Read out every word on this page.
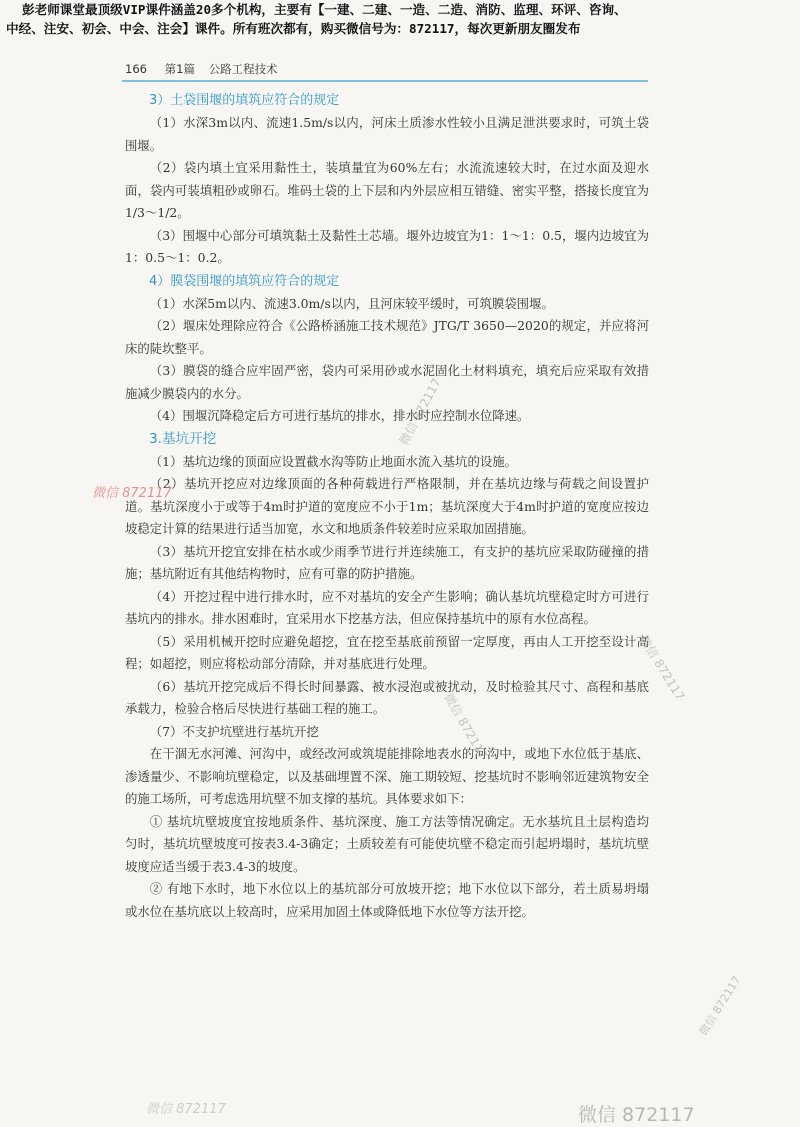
彭老师课堂最顶级VIP课件涵盖20多个机构，主要有【一建、二建、一造、二造、消防、监理、环评、咨询、
中经、注安、初会、中会、注会】课件。所有班次都有，购买微信号为：872117，每次更新朋友圈发布
166 第1篇 公路工程技术
3）土袋围堰的填筑应符合的规定

（1）水深3m以内、流速1.5m/s以内，河床土质渗水性较小且满足泄洪要求时，可筑土袋围堰。

（2）袋内填土宜采用黏性土，装填量宜为60%左右；水流流速较大时，在过水面及迎水面，袋内可装填粗砂或卵石。堆码土袋的上下层和内外层应相互错缝、密实平整，搭接长度宜为1/3～1/2。

（3）围堰中心部分可填筑黏土及黏性土芯墙。堰外边坡宜为1：1～1：0.5，堰内边坡宜为1：0.5～1：0.2。

4）膜袋围堰的填筑应符合的规定

（1）水深5m以内、流速3.0m/s以内，且河床较平缓时，可筑膜袋围堰。

（2）堰床处理除应符合《公路桥涵施工技术规范》JTG/T 3650—2020的规定，并应将河床的陡坎整平。

（3）膜袋的缝合应牢固严密，袋内可采用砂或水泥固化土材料填充，填充后应采取有效措施减少膜袋内的水分。

（4）围堰沉降稳定后方可进行基坑的排水，排水时应控制水位降速。

3.基坑开挖

（1）基坑边缘的顶面应设置截水沟等防止地面水流入基坑的设施。

（2）基坑开挖应对边缘顶面的各种荷载进行严格限制，并在基坑边缘与荷载之间设置护道。基坑深度小于或等于4m时护道的宽度应不小于1m；基坑深度大于4m时护道的宽度应按边坡稳定计算的结果进行适当加宽，水文和地质条件较差时应采取加固措施。

（3）基坑开挖宜安排在枯水或少雨季节进行并连续施工，有支护的基坑应采取防碰撞的措施；基坑附近有其他结构物时，应有可靠的防护措施。

（4）开挖过程中进行排水时，应不对基坑的安全产生影响；确认基坑坑壁稳定时方可进行基坑内的排水。排水困难时，宜采用水下挖基方法，但应保持基坑中的原有水位高程。

（5）采用机械开挖时应避免超挖，宜在挖至基底前预留一定厚度，再由人工开挖至设计高程；如超挖，则应将松动部分清除，并对基底进行处理。

（6）基坑开挖完成后不得长时间暴露、被水浸泡或被扰动，及时检验其尺寸、高程和基底承载力，检验合格后尽快进行基础工程的施工。

（7）不支护坑壁进行基坑开挖

在干涸无水河滩、河沟中，或经改河或筑堤能排除地表水的河沟中，或地下水位低于基底、渗透量少、不影响坑壁稳定，以及基础埋置不深、施工期较短、挖基坑时不影响邻近建筑物安全的施工场所，可考虑选用坑壁不加支撑的基坑。具体要求如下：

① 基坑坑壁坡度宜按地质条件、基坑深度、施工方法等情况确定。无水基坑且土层构造均匀时，基坑坑壁坡度可按表3.4-3确定；土质较差有可能使坑壁不稳定而引起坍塌时，基坑坑壁坡度应适当缓于表3.4-3的坡度。

② 有地下水时，地下水位以上的基坑部分可放坡开挖；地下水位以下部分，若土质易坍塌或水位在基坑底以上较高时，应采用加固土体或降低地下水位等方法开挖。

微信 872117
微信 872117
微信 872117
微信 872117
微信 872117
微信 872117	微信 872117
